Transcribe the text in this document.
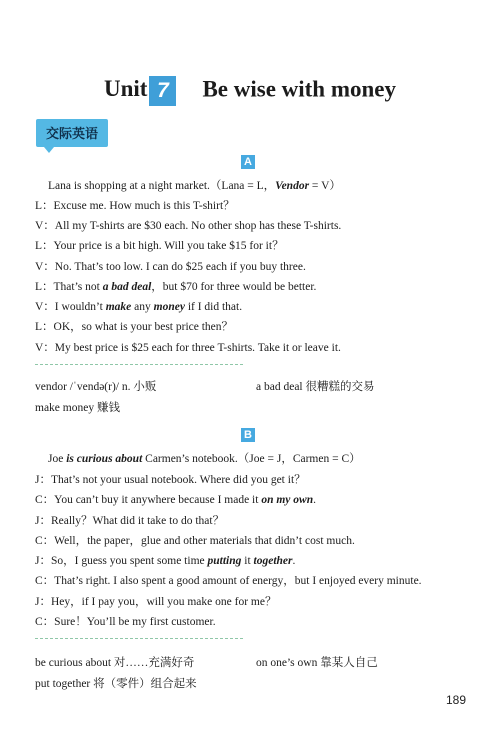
Unit 7 Be wise with money
交际英语
A
Lana is shopping at a night market.（Lana = L，Vendor = V）
L：Excuse me. How much is this T-shirt？
V：All my T-shirts are $30 each. No other shop has these T-shirts.
L：Your price is a bit high. Will you take $15 for it？
V：No. That’s too low. I can do $25 each if you buy three.
L：That’s not a bad deal，but $70 for three would be better.
V：I wouldn’t make any money if I did that.
L：OK，so what is your best price then？
V：My best price is $25 each for three T-shirts. Take it or leave it.
vendor /ˈvendə(r)/ n. 小贩	a bad deal 很糟糕的交易
make money 赚钱
B
Joe is curious about Carmen’s notebook.（Joe = J，Carmen = C）
J：That’s not your usual notebook. Where did you get it？
C：You can’t buy it anywhere because I made it on my own.
J：Really？What did it take to do that？
C：Well，the paper，glue and other materials that didn’t cost much.
J：So，I guess you spent some time putting it together.
C：That’s right. I also spent a good amount of energy，but I enjoyed every minute.
J：Hey，if I pay you，will you make one for me？
C：Sure！You’ll be my first customer.
be curious about 对……充满好奇	on one’s own 靠某人自己
put together 将（零件）组合起来
189
